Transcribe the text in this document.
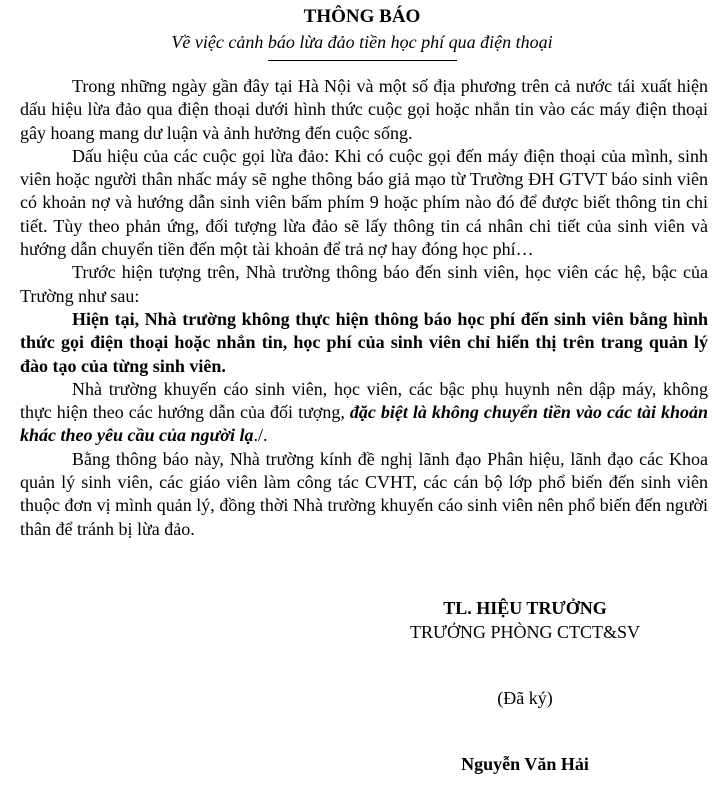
THÔNG BÁO
Về việc cảnh báo lừa đảo tiền học phí qua điện thoại

Trong những ngày gần đây tại Hà Nội và một số địa phương trên cả nước tái xuất hiện dấu hiệu lừa đảo qua điện thoại dưới hình thức cuộc gọi hoặc nhắn tin vào các máy điện thoại gây hoang mang dư luận và ảnh hưởng đến cuộc sống.

Dấu hiệu của các cuộc gọi lừa đảo: Khi có cuộc gọi đến máy điện thoại của mình, sinh viên hoặc người thân nhấc máy sẽ nghe thông báo giả mạo từ Trường ĐH GTVT báo sinh viên có khoản nợ và hướng dẫn sinh viên bấm phím 9 hoặc phím nào đó để được biết thông tin chi tiết. Tùy theo phản ứng, đối tượng lừa đảo sẽ lấy thông tin cá nhân chi tiết của sinh viên và hướng dẫn chuyển tiền đến một tài khoản để trả nợ hay đóng học phí…

Trước hiện tượng trên, Nhà trường thông báo đến sinh viên, học viên các hệ, bậc của Trường như sau:

Hiện tại, Nhà trường không thực hiện thông báo học phí đến sinh viên bằng hình thức gọi điện thoại hoặc nhắn tin, học phí của sinh viên chỉ hiển thị trên trang quản lý đào tạo của từng sinh viên.

Nhà trường khuyến cáo sinh viên, học viên, các bậc phụ huynh nên dập máy, không thực hiện theo các hướng dẫn của đối tượng, đặc biệt là không chuyển tiền vào các tài khoản khác theo yêu cầu của người lạ./.

Bằng thông báo này, Nhà trường kính đề nghị lãnh đạo Phân hiệu, lãnh đạo các Khoa quản lý sinh viên, các giáo viên làm công tác CVHT, các cán bộ lớp phổ biến đến sinh viên thuộc đơn vị mình quản lý, đồng thời Nhà trường khuyến cáo sinh viên nên phổ biến đến người thân để tránh bị lừa đảo.

TL. HIỆU TRƯỞNG
TRƯỞNG PHÒNG CTCT&SV
(Đã ký)
Nguyễn Văn Hải
